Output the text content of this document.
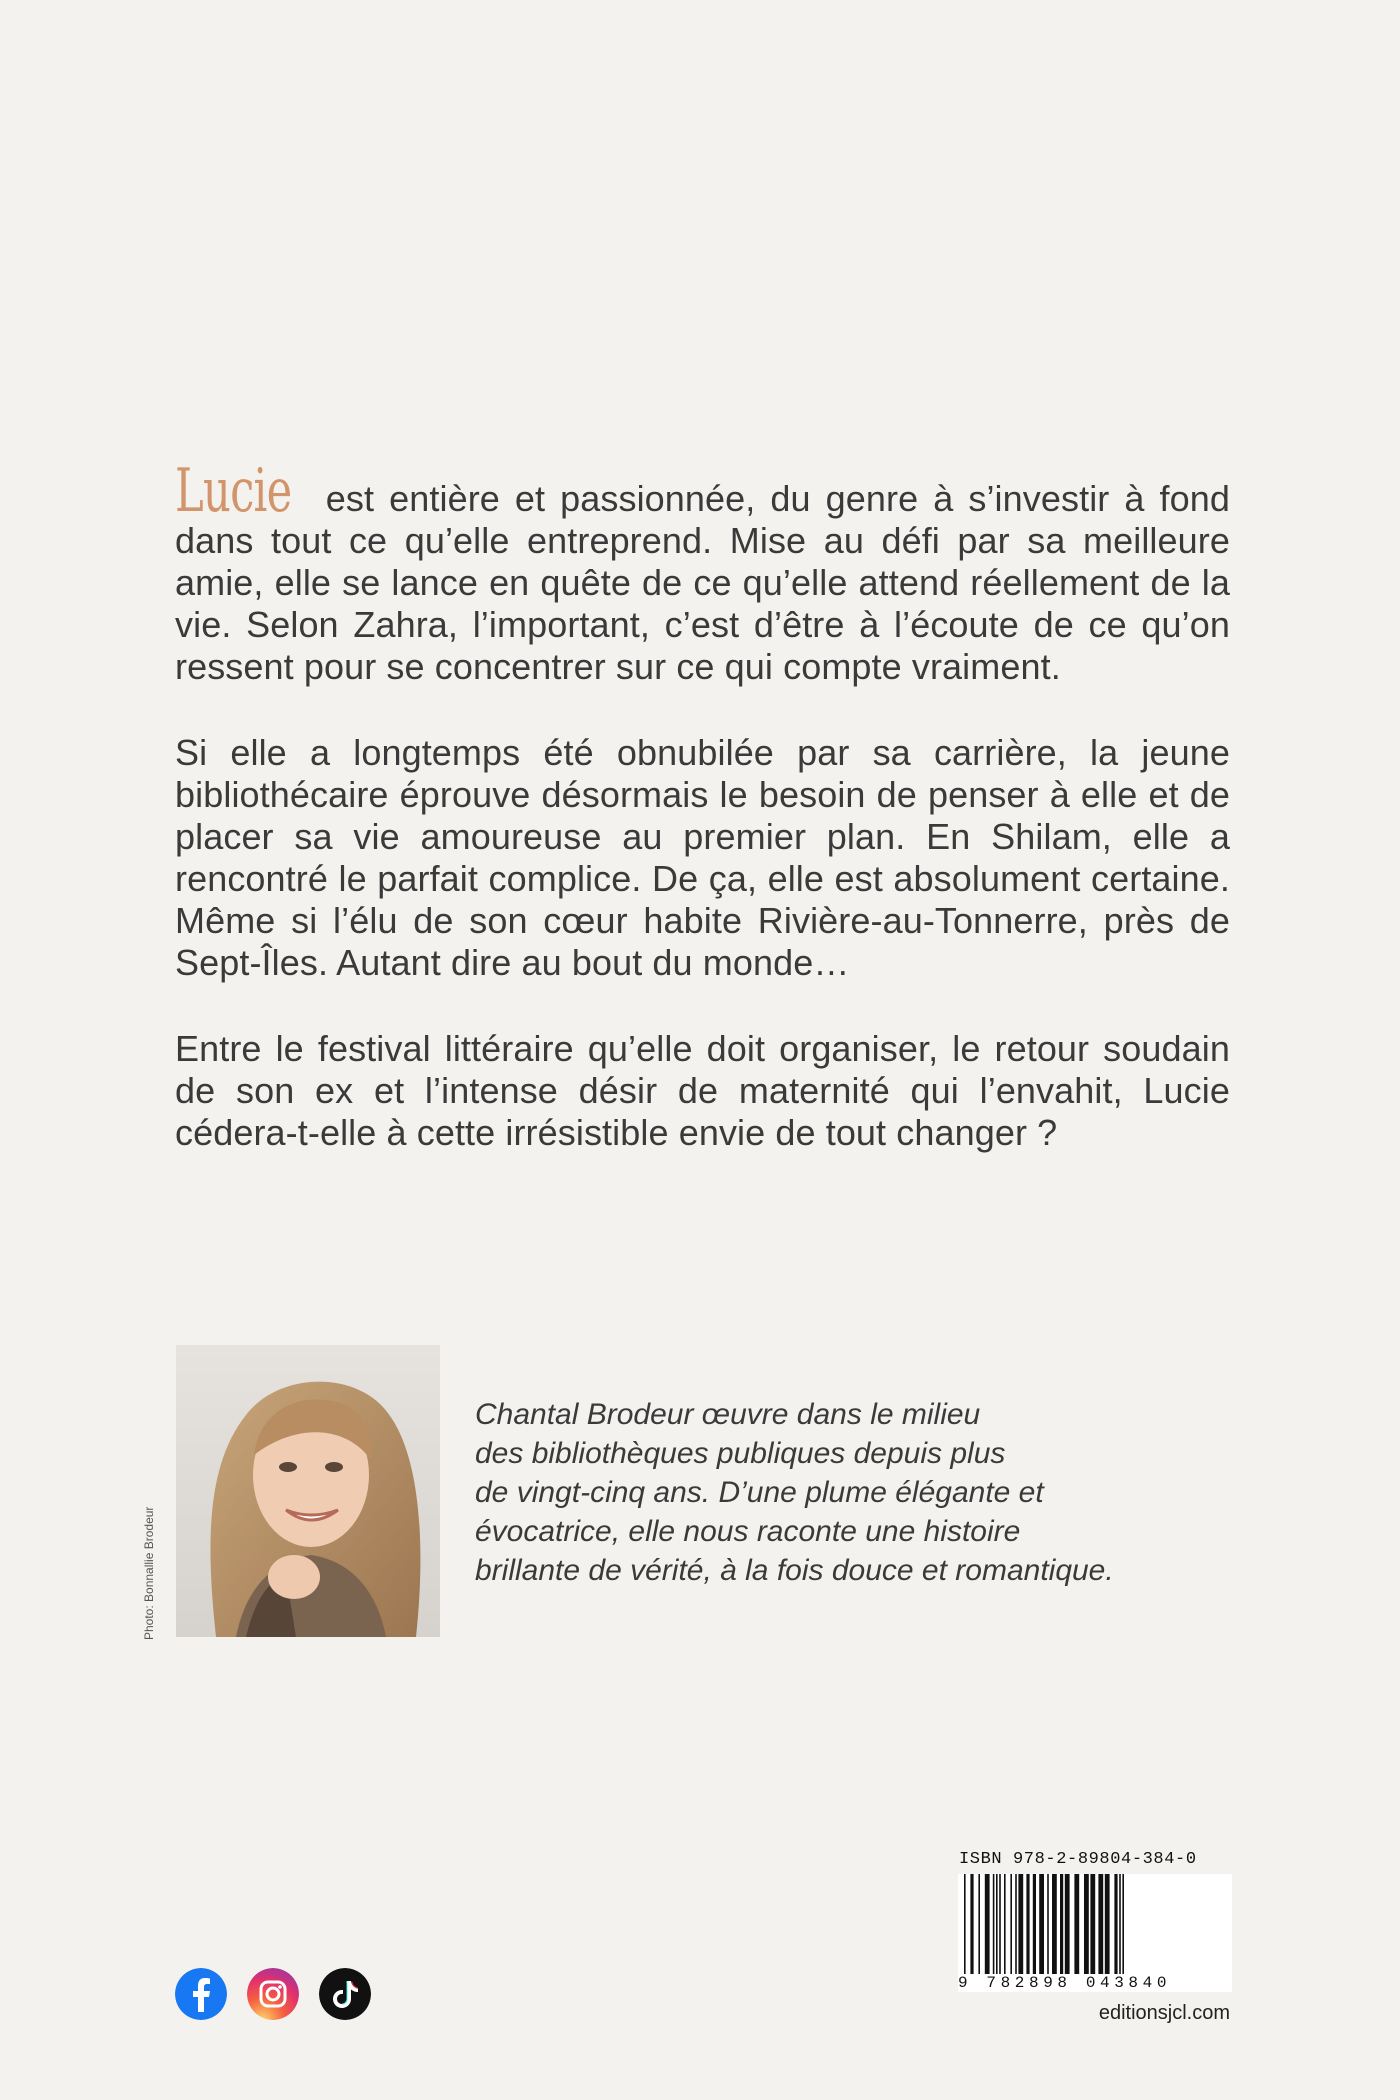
Lucie est entière et passionnée, du genre à s’investir à fond dans tout ce qu’elle entreprend. Mise au défi par sa meilleure amie, elle se lance en quête de ce qu’elle attend réellement de la vie. Selon Zahra, l’important, c’est d’être à l’écoute de ce qu’on ressent pour se concentrer sur ce qui compte vraiment.

Si elle a longtemps été obnubilée par sa carrière, la jeune bibliothécaire éprouve désormais le besoin de penser à elle et de placer sa vie amoureuse au premier plan. En Shilam, elle a rencontré le parfait complice. De ça, elle est absolument certaine. Même si l’élu de son cœur habite Rivière-au-Tonnerre, près de Sept-Îles. Autant dire au bout du monde…

Entre le festival littéraire qu’elle doit organiser, le retour soudain de son ex et l’intense désir de maternité qui l’envahit, Lucie cédera-t-elle à cette irrésistible envie de tout changer ?

Photo: Bonnallie Brodeur
Chantal Brodeur œuvre dans le milieu
des bibliothèques publiques depuis plus
de vingt-cinq ans. D’une plume élégante et
évocatrice, elle nous raconte une histoire
brillante de vérité, à la fois douce et romantique.
ISBN 978-2-89804-384-0
9 782898 043840
editionsjcl.com
